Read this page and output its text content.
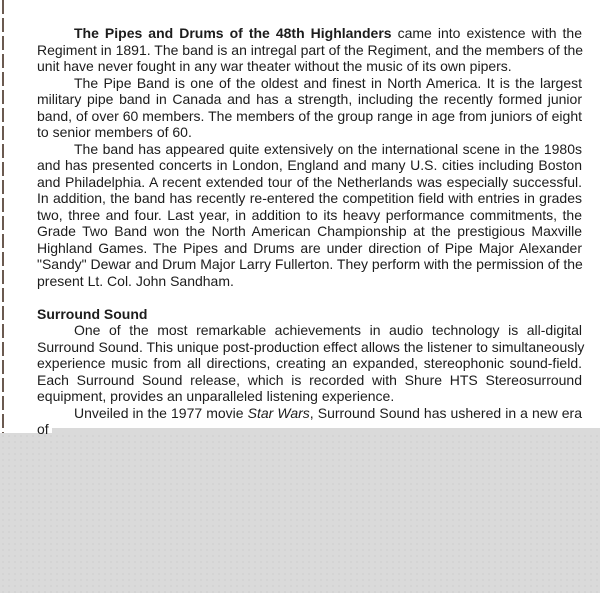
The Pipes and Drums of the 48th Highlanders came into existence with the
Regiment in 1891. The band is an intregal part of the Regiment, and the members of the
unit have never fought in any war theater without the music of its own pipers.
The Pipe Band is one of the oldest and finest in North America. It is the largest
military pipe band in Canada and has a strength, including the recently formed junior
band, of over 60 members. The members of the group range in age from juniors of eight
to senior members of 60.
The band has appeared quite extensively on the international scene in the 1980s
and has presented concerts in London, England and many U.S. cities including Boston
and Philadelphia. A recent extended tour of the Netherlands was especially successful.
In addition, the band has recently re-entered the competition field with entries in grades
two, three and four. Last year, in addition to its heavy performance commitments, the
Grade Two Band won the North American Championship at the prestigious Maxville
Highland Games. The Pipes and Drums are under direction of Pipe Major Alexander
"Sandy" Dewar and Drum Major Larry Fullerton. They perform with the permission of the
present Lt. Col. John Sandham.
Surround Sound
One of the most remarkable achievements in audio technology is all-digital
Surround Sound. This unique post-production effect allows the listener to simultaneously
experience music from all directions, creating an expanded, stereophonic sound-field.
Each Surround Sound release, which is recorded with Shure HTS Stereosurround
equipment, provides an unparalleled listening experience.
Unveiled in the 1977 movie Star Wars, Surround Sound has ushered in a new era
of
